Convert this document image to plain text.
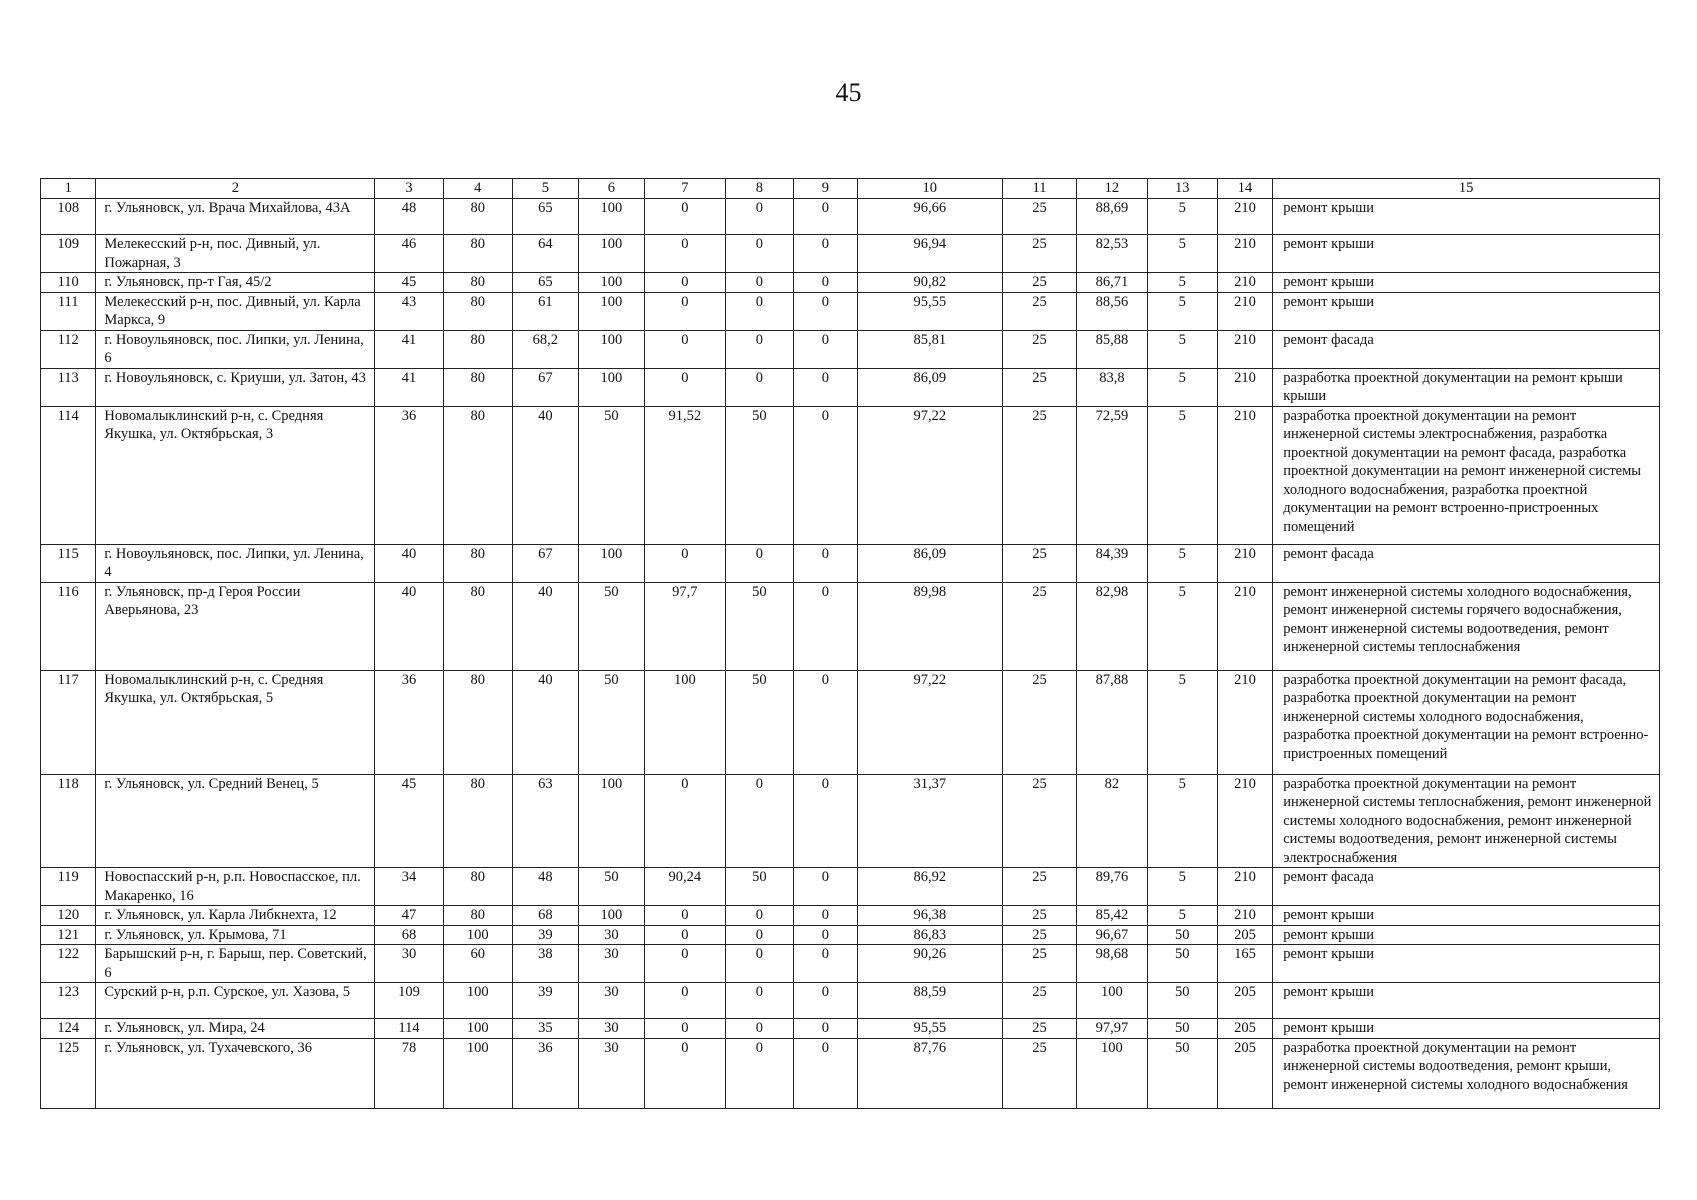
45
1	2	3	4	5	6	7	8	9	10	11	12	13	14	15
108	г. Ульяновск, ул. Врача Михайлова, 43А	48	80	65	100	0	0	0	96,66	25	88,69	5	210	ремонт крыши
109	Мелекесский р-н, пос. Дивный, ул. Пожарная, 3	46	80	64	100	0	0	0	96,94	25	82,53	5	210	ремонт крыши
110	г. Ульяновск, пр-т Гая, 45/2	45	80	65	100	0	0	0	90,82	25	86,71	5	210	ремонт крыши
111	Мелекесский р-н, пос. Дивный, ул. Карла Маркса, 9	43	80	61	100	0	0	0	95,55	25	88,56	5	210	ремонт крыши
112	г. Новоульяновск, пос. Липки, ул. Ленина, 6	41	80	68,2	100	0	0	0	85,81	25	85,88	5	210	ремонт фасада
113	г. Новоульяновск, с. Криуши, ул. Затон, 43	41	80	67	100	0	0	0	86,09	25	83,8	5	210	разработка проектной документации на ремонт крыши крыши
114	Новомалыклинский р-н, с. Средняя Якушка, ул. Октябрьская, 3	36	80	40	50	91,52	50	0	97,22	25	72,59	5	210	разработка проектной документации на ремонт инженерной системы электроснабжения, разработка проектной документации на ремонт фасада, разработка проектной документации на ремонт инженерной системы холодного водоснабжения, разработка проектной документации на ремонт встроенно-пристроенных помещений
115	г. Новоульяновск, пос. Липки, ул. Ленина, 4	40	80	67	100	0	0	0	86,09	25	84,39	5	210	ремонт фасада
116	г. Ульяновск, пр-д Героя России Аверьянова, 23	40	80	40	50	97,7	50	0	89,98	25	82,98	5	210	ремонт инженерной системы холодного водоснабжения, ремонт инженерной системы горячего водоснабжения, ремонт инженерной системы водоотведения, ремонт инженерной системы теплоснабжения
117	Новомалыклинский р-н, с. Средняя Якушка, ул. Октябрьская, 5	36	80	40	50	100	50	0	97,22	25	87,88	5	210	разработка проектной документации на ремонт фасада, разработка проектной документации на ремонт инженерной системы холодного водоснабжения, разработка проектной документации на ремонт встроенно-пристроенных помещений
118	г. Ульяновск, ул. Средний Венец, 5	45	80	63	100	0	0	0	31,37	25	82	5	210	разработка проектной документации на ремонт инженерной системы теплоснабжения, ремонт инженерной системы холодного водоснабжения, ремонт инженерной системы водоотведения, ремонт инженерной системы электроснабжения
119	Новоспасский р-н, р.п. Новоспасское, пл. Макаренко, 16	34	80	48	50	90,24	50	0	86,92	25	89,76	5	210	ремонт фасада
120	г. Ульяновск, ул. Карла Либкнехта, 12	47	80	68	100	0	0	0	96,38	25	85,42	5	210	ремонт крыши
121	г. Ульяновск, ул. Крымова, 71	68	100	39	30	0	0	0	86,83	25	96,67	50	205	ремонт крыши
122	Барышский р-н, г. Барыш, пер. Советский, 6	30	60	38	30	0	0	0	90,26	25	98,68	50	165	ремонт крыши
123	Сурский р-н, р.п. Сурское, ул. Хазова, 5	109	100	39	30	0	0	0	88,59	25	100	50	205	ремонт крыши
124	г. Ульяновск, ул. Мира, 24	114	100	35	30	0	0	0	95,55	25	97,97	50	205	ремонт крыши
125	г. Ульяновск, ул. Тухачевского, 36	78	100	36	30	0	0	0	87,76	25	100	50	205	разработка проектной документации на ремонт инженерной системы водоотведения, ремонт крыши, ремонт инженерной системы холодного водоснабжения
